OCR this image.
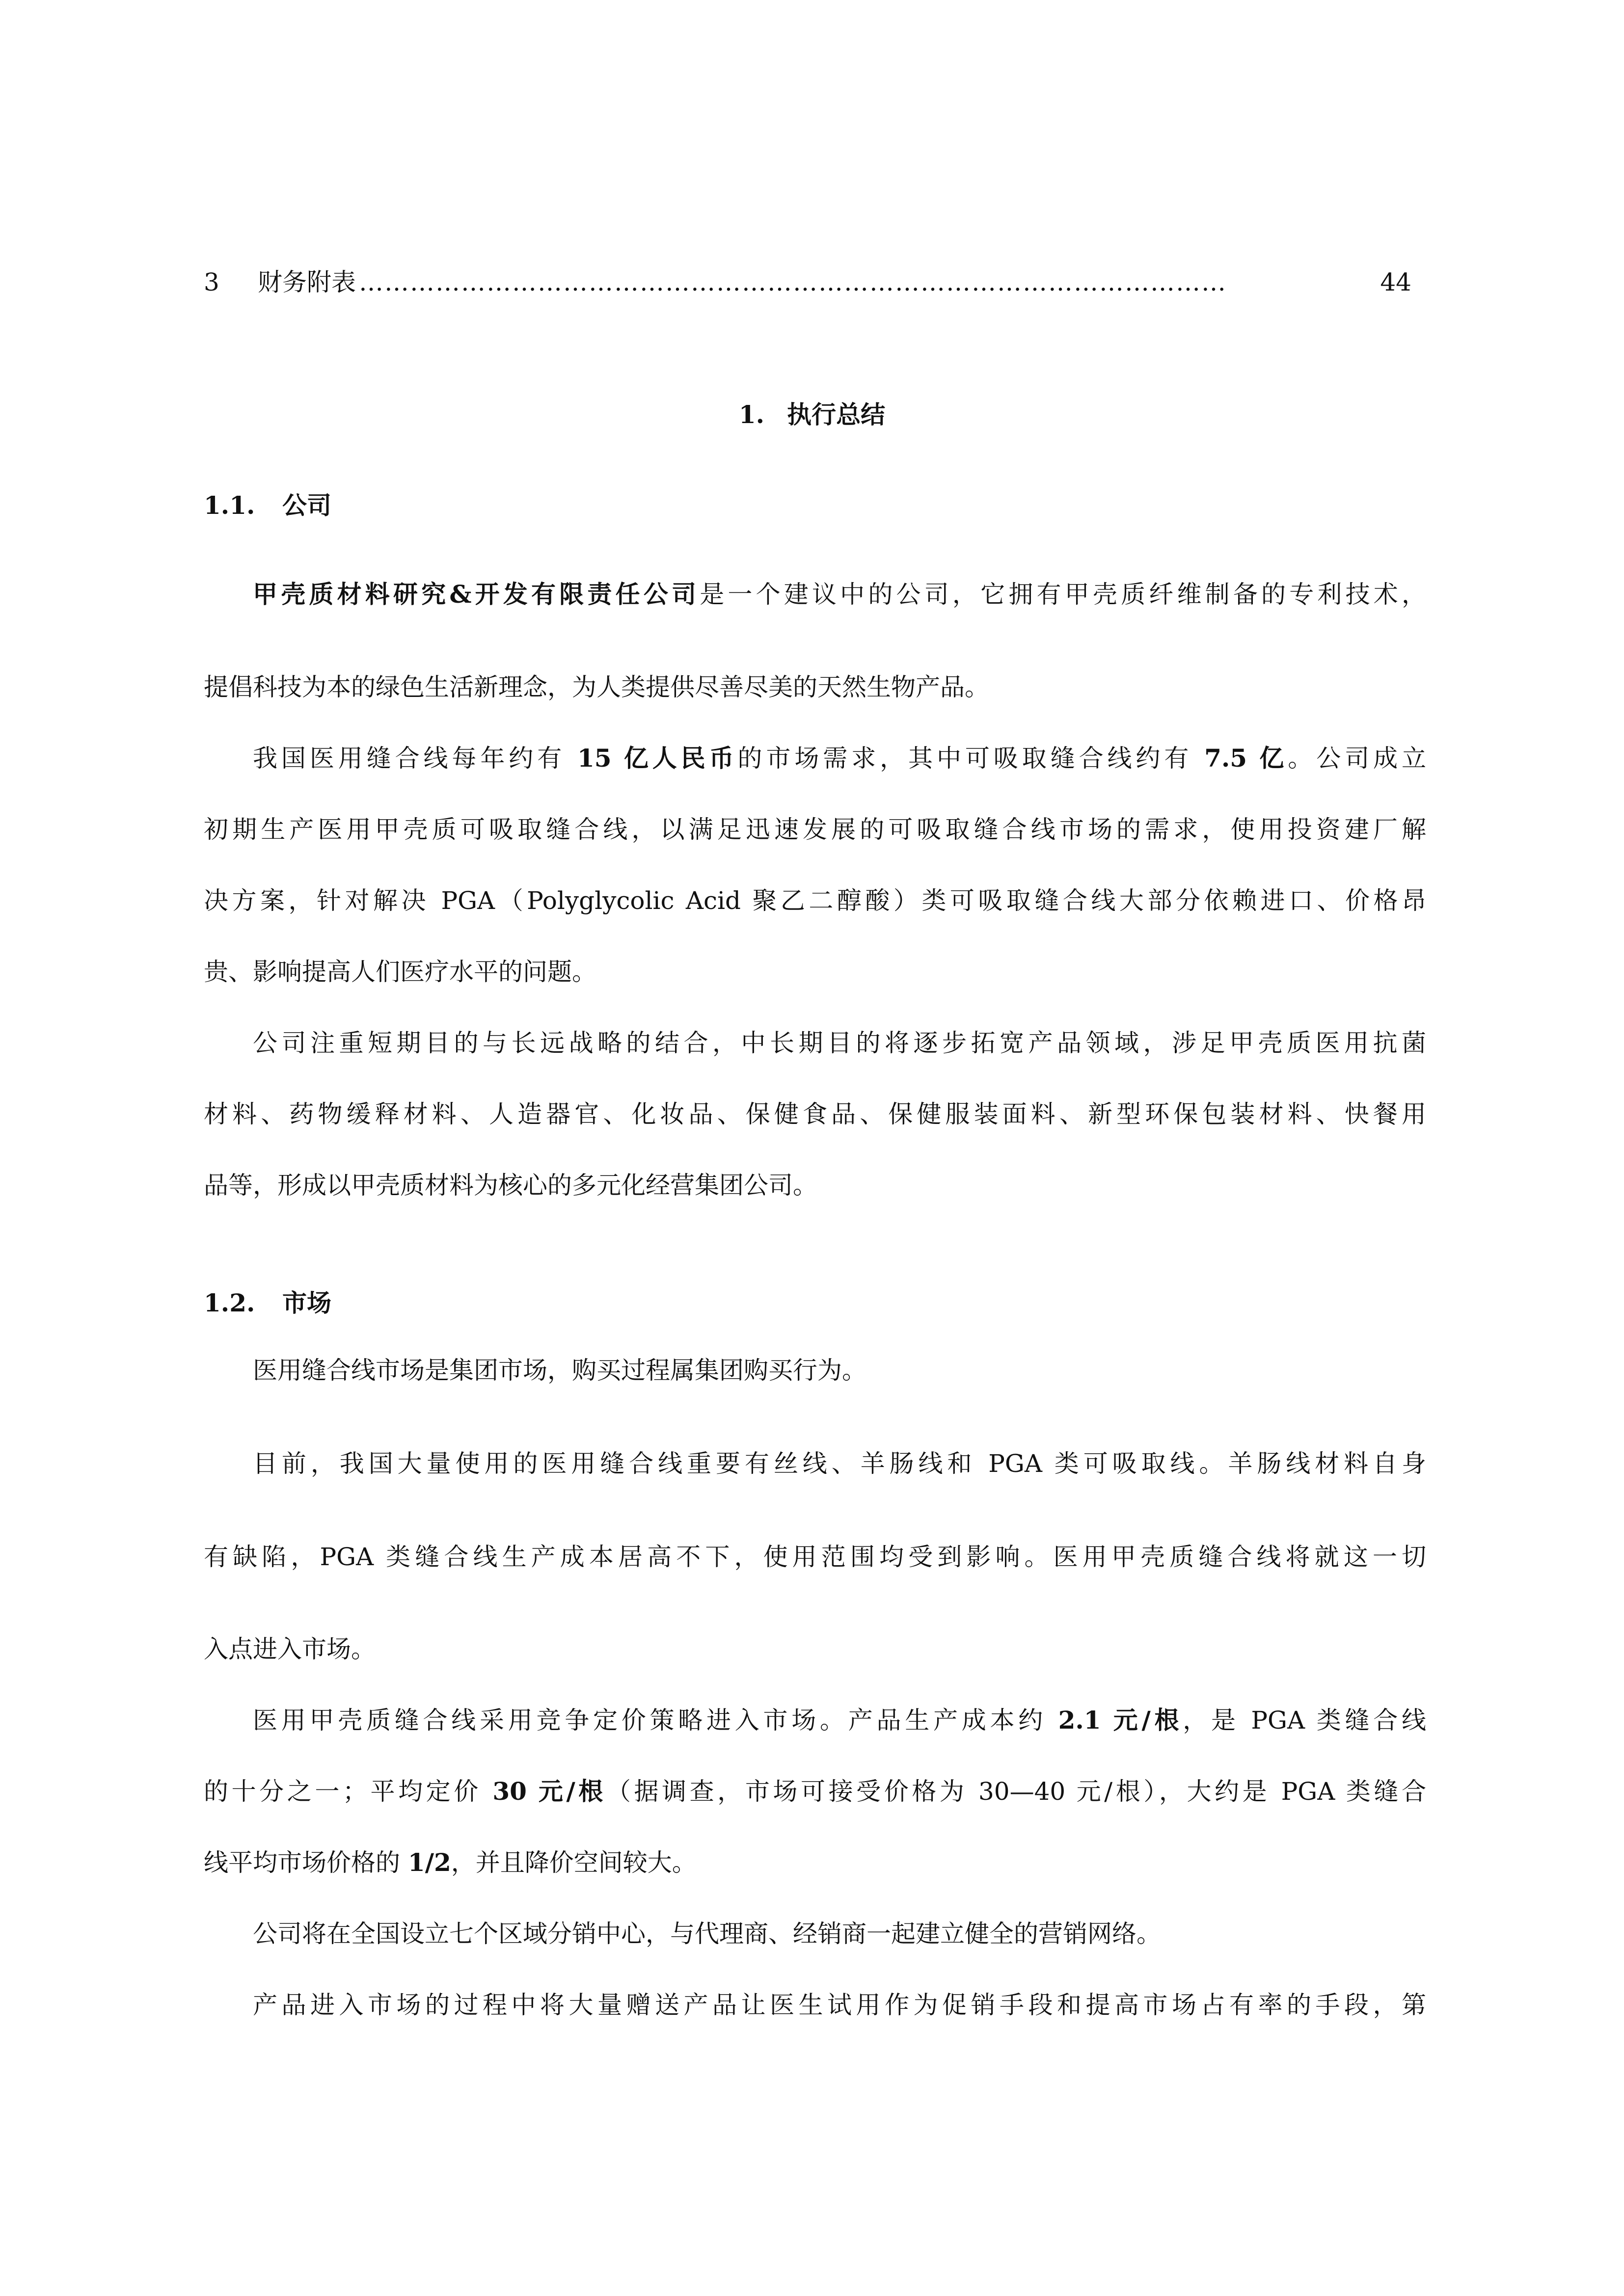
3	财务附表 …………………………………………………………………………………………	44
1. 执行总结
1.1. 公司
甲壳质材料研究&开发有限责任公司是一个建议中的公司，它拥有甲壳质纤维制备的专利技术，
提倡科技为本的绿色生活新理念，为人类提供尽善尽美的天然生物产品。
我国医用缝合线每年约有 15 亿人民币的市场需求，其中可吸取缝合线约有 7.5 亿。公司成立
初期生产医用甲壳质可吸取缝合线，以满足迅速发展的可吸取缝合线市场的需求，使用投资建厂解
决方案，针对解决 PGA（Polyglycolic Acid 聚乙二醇酸）类可吸取缝合线大部分依赖进口、价格昂
贵、影响提高人们医疗水平的问题。
公司注重短期目的与长远战略的结合，中长期目的将逐步拓宽产品领域，涉足甲壳质医用抗菌
材料、药物缓释材料、人造器官、化妆品、保健食品、保健服装面料、新型环保包装材料、快餐用
品等，形成以甲壳质材料为核心的多元化经营集团公司。
1.2. 市场
医用缝合线市场是集团市场，购买过程属集团购买行为。
目前，我国大量使用的医用缝合线重要有丝线、羊肠线和 PGA 类可吸取线。羊肠线材料自身
有缺陷，PGA 类缝合线生产成本居高不下，使用范围均受到影响。医用甲壳质缝合线将就这一切
入点进入市场。
医用甲壳质缝合线采用竞争定价策略进入市场。产品生产成本约 2.1 元/根，是 PGA 类缝合线
的十分之一；平均定价 30 元/根（据调查，市场可接受价格为 30—40 元/根），大约是 PGA 类缝合
线平均市场价格的 1/2，并且降价空间较大。
公司将在全国设立七个区域分销中心，与代理商、经销商一起建立健全的营销网络。
产品进入市场的过程中将大量赠送产品让医生试用作为促销手段和提高市场占有率的手段，第
